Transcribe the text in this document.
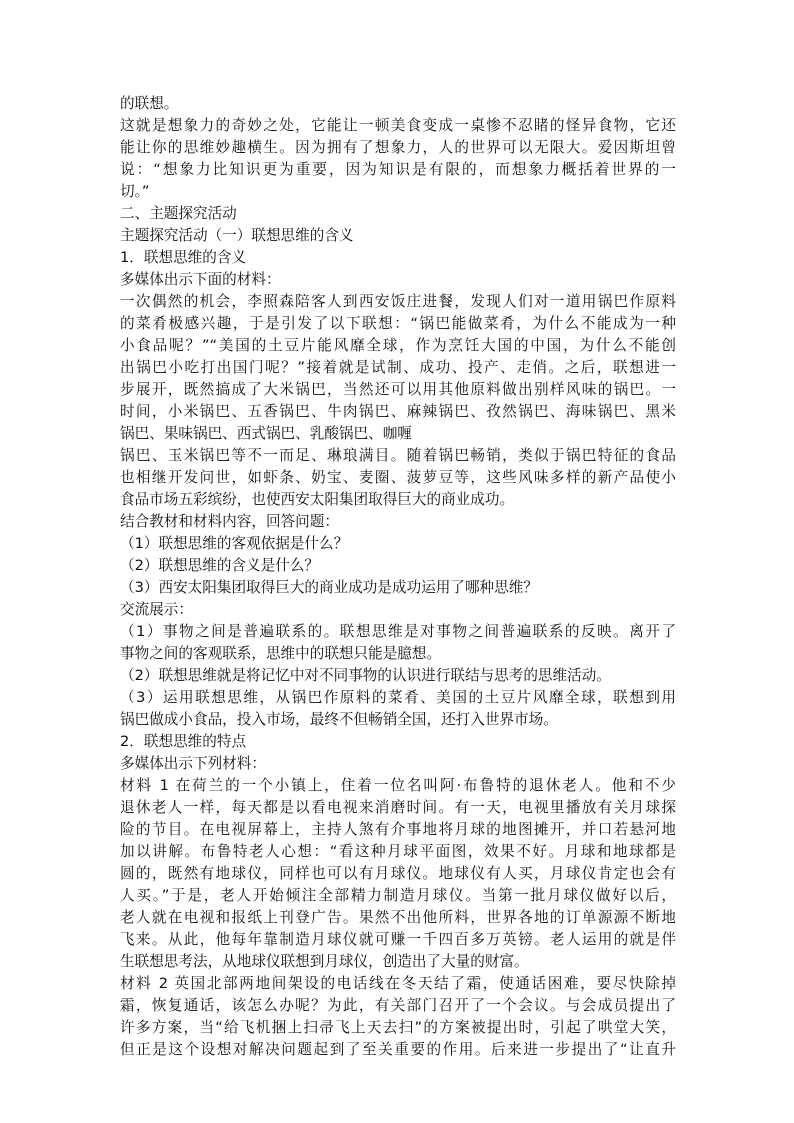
的联想。
这就是想象力的奇妙之处，它能让一顿美食变成一桌惨不忍睹的怪异食物，它还
能让你的思维妙趣横生。因为拥有了想象力，人的世界可以无限大。爱因斯坦曾
说：“想象力比知识更为重要，因为知识是有限的，而想象力概括着世界的一
切。”
二、主题探究活动
主题探究活动（一）联想思维的含义
1．联想思维的含义
多媒体出示下面的材料：
一次偶然的机会，李照森陪客人到西安饭庄进餐，发现人们对一道用锅巴作原料
的菜肴极感兴趣，于是引发了以下联想：“锅巴能做菜肴，为什么不能成为一种
小食品呢？”“美国的土豆片能风靡全球，作为烹饪大国的中国，为什么不能创
出锅巴小吃打出国门呢？”接着就是试制、成功、投产、走俏。之后，联想进一
步展开，既然搞成了大米锅巴，当然还可以用其他原料做出别样风味的锅巴。一
时间，小米锅巴、五香锅巴、牛肉锅巴、麻辣锅巴、孜然锅巴、海味锅巴、黑米
锅巴、果味锅巴、西式锅巴、乳酸锅巴、咖喱
锅巴、玉米锅巴等不一而足、琳琅满目。随着锅巴畅销，类似于锅巴特征的食品
也相继开发问世，如虾条、奶宝、麦圈、菠萝豆等，这些风味多样的新产品使小
食品市场五彩缤纷，也使西安太阳集团取得巨大的商业成功。
结合教材和材料内容，回答问题：
（1）联想思维的客观依据是什么？
（2）联想思维的含义是什么？
（3）西安太阳集团取得巨大的商业成功是成功运用了哪种思维？
交流展示：
（1）事物之间是普遍联系的。联想思维是对事物之间普遍联系的反映。离开了
事物之间的客观联系，思维中的联想只能是臆想。
（2）联想思维就是将记忆中对不同事物的认识进行联结与思考的思维活动。
（3）运用联想思维，从锅巴作原料的菜肴、美国的土豆片风靡全球，联想到用
锅巴做成小食品，投入市场，最终不但畅销全国，还打入世界市场。
2．联想思维的特点
多媒体出示下列材料：
材料 1 在荷兰的一个小镇上，住着一位名叫阿·布鲁特的退休老人。他和不少
退休老人一样，每天都是以看电视来消磨时间。有一天，电视里播放有关月球探
险的节目。在电视屏幕上，主持人煞有介事地将月球的地图摊开，并口若悬河地
加以讲解。布鲁特老人心想：“看这种月球平面图，效果不好。月球和地球都是
圆的，既然有地球仪，同样也可以有月球仪。地球仪有人买，月球仪肯定也会有
人买。”于是，老人开始倾注全部精力制造月球仪。当第一批月球仪做好以后，
老人就在电视和报纸上刊登广告。果然不出他所料，世界各地的订单源源不断地
飞来。从此，他每年靠制造月球仪就可赚一千四百多万英镑。老人运用的就是伴
生联想思考法，从地球仪联想到月球仪，创造出了大量的财富。
材料 2 英国北部两地间架设的电话线在冬天结了霜，使通话困难，要尽快除掉
霜，恢复通话，该怎么办呢？为此，有关部门召开了一个会议。与会成员提出了
许多方案，当“给飞机捆上扫帚飞上天去扫”的方案被提出时，引起了哄堂大笑，
但正是这个设想对解决问题起到了至关重要的作用。后来进一步提出了“让直升
